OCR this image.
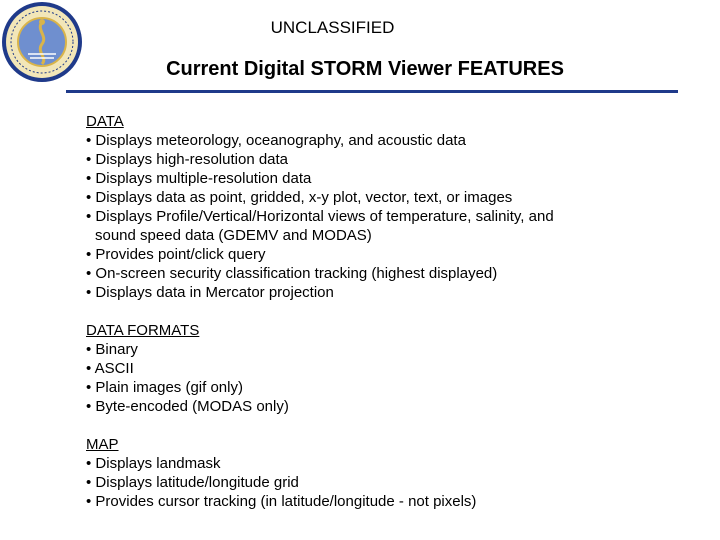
UNCLASSIFIED
Current Digital STORM Viewer FEATURES
DATA
• Displays meteorology, oceanography, and acoustic data
• Displays high-resolution data
• Displays multiple-resolution data
• Displays data as point, gridded, x-y plot, vector, text, or images
• Displays Profile/Vertical/Horizontal views of temperature, salinity, and
sound speed data (GDEMV and MODAS)
• Provides point/click query
• On-screen security classification tracking (highest displayed)
• Displays data in Mercator projection
DATA FORMATS
• Binary
• ASCII
• Plain images (gif only)
• Byte-encoded (MODAS only)
MAP
• Displays landmask
• Displays latitude/longitude grid
• Provides cursor tracking (in latitude/longitude - not pixels)
